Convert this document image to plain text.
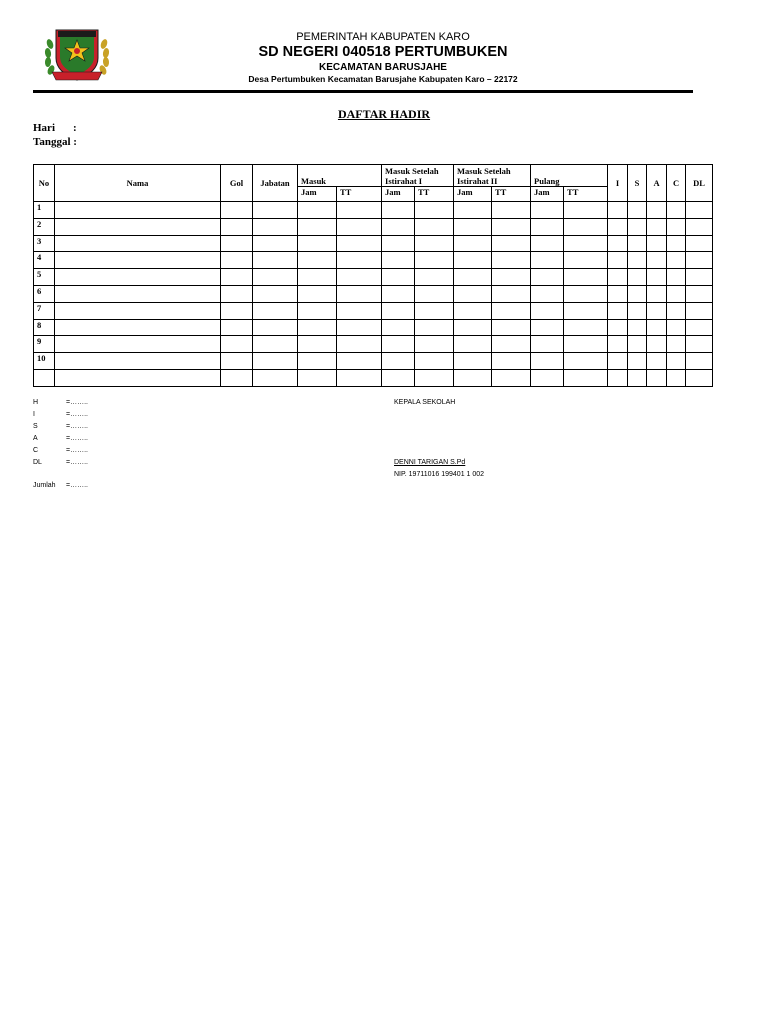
PEMERINTAH KABUPATEN KARO
SD NEGERI 040518 PERTUMBUKEN
KECAMATAN BARUSJAHE
Desa Pertumbuken Kecamatan Barusjahe Kabupaten Karo – 22172
DAFTAR HADIR
Hari :
Tanggal :
No	Nama	Gol	Jabatan	Masuk		Masuk Setelah Istirahat I		Masuk Setelah Istirahat II		Pulang		I	S	A	C	DL
				Jam	TT	Jam	TT	Jam	TT	Jam	TT					
1																
2																
3																
4																
5																
6																
7																
8																
9																
10																

H	=……..
I	=……..
S	=……..
A	=……..
C	=……..
DL	=……..
Jumlah =……..
KEPALA SEKOLAH
DENNI TARIGAN S.Pd
NIP. 19711016 199401 1 002
